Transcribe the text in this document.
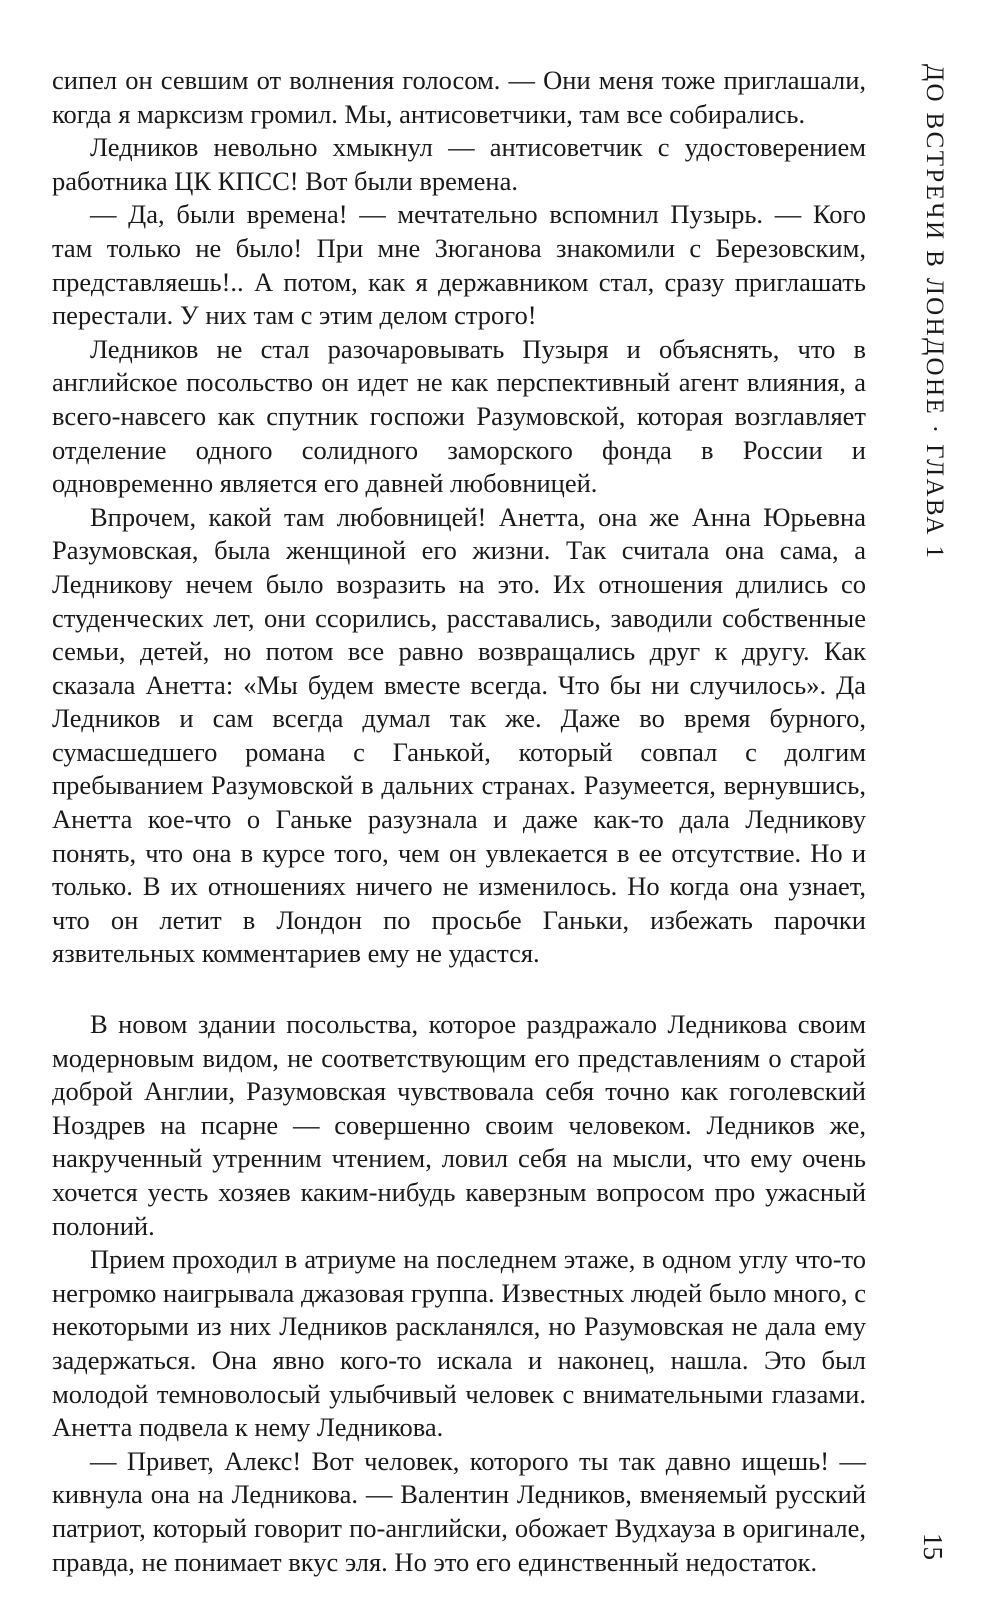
сипел он севшим от волнения голосом. — Они меня тоже приглашали, когда я марксизм громил. Мы, антисоветчики, там все собирались.

Ледников невольно хмыкнул — антисоветчик с удостоверением работника ЦК КПСС! Вот были времена.

— Да, были времена! — мечтательно вспомнил Пузырь. — Кого там только не было! При мне Зюганова знакомили с Березовским, представляешь!.. А потом, как я державником стал, сразу приглашать перестали. У них там с этим делом строго!

Ледников не стал разочаровывать Пузыря и объяснять, что в английское посольство он идет не как перспективный агент влияния, а всего-навсего как спутник госпожи Разумовской, которая возглавляет отделение одного солидного заморского фонда в России и одновременно является его давней любовницей.

Впрочем, какой там любовницей! Анетта, она же Анна Юрьевна Разумовская, была женщиной его жизни. Так считала она сама, а Ледникову нечем было возразить на это. Их отношения длились со студенческих лет, они ссорились, расставались, заводили собственные семьи, детей, но потом все равно возвращались друг к другу. Как сказала Анетта: «Мы будем вместе всегда. Что бы ни случилось». Да Ледников и сам всегда думал так же. Даже во время бурного, сумасшедшего романа с Ганькой, который совпал с долгим пребыванием Разумовской в дальних странах. Разумеется, вернувшись, Анетта кое-что о Ганьке разузнала и даже как-то дала Ледникову понять, что она в курсе того, чем он увлекается в ее отсутствие. Но и только. В их отношениях ничего не изменилось. Но когда она узнает, что он летит в Лондон по просьбе Ганьки, избежать парочки язвительных комментариев ему не удастся.

В новом здании посольства, которое раздражало Ледникова своим модерновым видом, не соответствующим его представлениям о старой доброй Англии, Разумовская чувствовала себя точно как гоголевский Ноздрев на псарне — совершенно своим человеком. Ледников же, накрученный утренним чтением, ловил себя на мысли, что ему очень хочется уесть хозяев каким-нибудь каверзным вопросом про ужасный полоний.

Прием проходил в атриуме на последнем этаже, в одном углу что-то негромко наигрывала джазовая группа. Известных людей было много, с некоторыми из них Ледников раскланялся, но Разумовская не дала ему задержаться. Она явно кого-то искала и наконец, нашла. Это был молодой темноволосый улыбчивый человек с внимательными глазами. Анетта подвела к нему Ледникова.

— Привет, Алекс! Вот человек, которого ты так давно ищешь! — кивнула она на Ледникова. — Валентин Ледников, вменяемый русский патриот, который говорит по-английски, обожает Вудхауза в оригинале, правда, не понимает вкус эля. Но это его единственный недостаток.

ДО ВСТРЕЧИ В ЛОНДОНЕ · ГЛАВА 1
15
